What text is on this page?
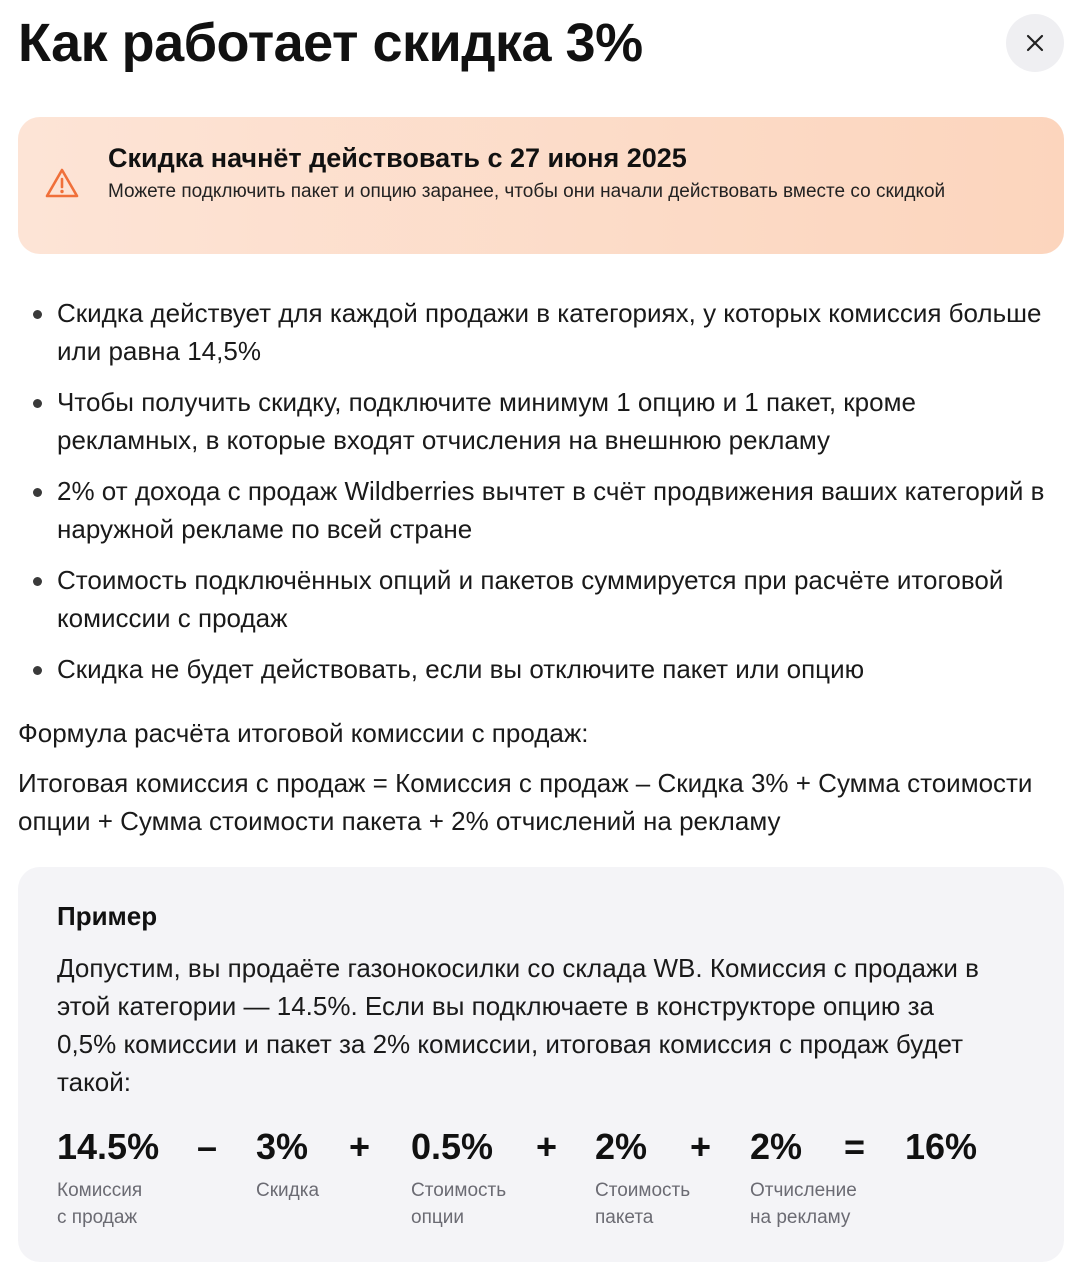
Как работает скидка 3%
Скидка начнёт действовать с 27 июня 2025
Можете подключить пакет и опцию заранее, чтобы они начали действовать вместе со скидкой
Скидка действует для каждой продажи в категориях, у которых комиссия больше или равна 14,5%
Чтобы получить скидку, подключите минимум 1 опцию и 1 пакет, кроме рекламных, в которые входят отчисления на внешнюю рекламу
2% от дохода с продаж Wildberries вычтет в счёт продвижения ваших категорий в наружной рекламе по всей стране
Стоимость подключённых опций и пакетов суммируется при расчёте итоговой комиссии с продаж
Скидка не будет действовать, если вы отключите пакет или опцию
Формула расчёта итоговой комиссии с продаж:
Итоговая комиссия с продаж = Комиссия с продаж – Скидка 3% + Сумма стоимости опции + Сумма стоимости пакета + 2% отчислений на рекламу
Пример
Допустим, вы продаёте газонокосилки со склада WB. Комиссия с продажи в этой категории — 14.5%. Если вы подключаете в конструкторе опцию за 0,5% комиссии и пакет за 2% комиссии, итоговая комиссия с продаж будет такой:
14.5%
Комиссия
с продаж
– 3%
Скидка

+ 0.5%
Стоимость
опции
+ 2%
Стоимость
пакета
+ 2%
Отчисление
на рекламу
= 16%
